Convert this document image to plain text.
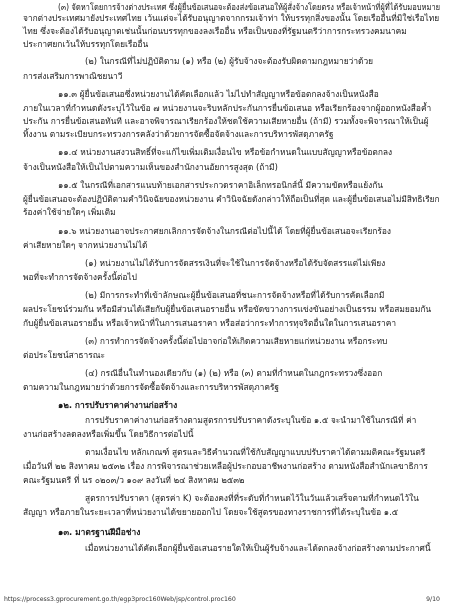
(๓) จัดหาโดยการจ้างต่างประเทศ ซึ่งผู้ยื่นข้อเสนอจะต้องส่งข้อเสนอให้ผู้สั่งจ้างโดยตรง หรือเจ้าหน้าที่ผู้ที่ได้รับมอบหมาย
จากต่างประเทศมายังประเทศไทย เว้นแต่จะได้รับอนุญาตจากกรมเจ้าท่า ให้บรรทุกสิ่งของนั้น โดยเรืออื่นที่มิใช่เรือไทย
ไทย ซึ่งจะต้องได้รับอนุญาตเช่นนั้นก่อนบรรทุกของลงเรืออื่น หรือเป็นของที่รัฐมนตรีว่าการกระทรวงคมนาคม
ประกาศยกเว้นให้บรรทุกโดยเรืออื่น
(๒) ในกรณีที่ไม่ปฏิบัติตาม (๑) หรือ (๒) ผู้รับจ้างจะต้องรับผิดตามกฎหมายว่าด้วย
การส่งเสริมการพาณิชยนาวี
๑๑.๓ ผู้ยื่นข้อเสนอซึ่งหน่วยงานได้คัดเลือกแล้ว ไม่ไปทำสัญญาหรือข้อตกลงจ้างเป็นหนังสือ
ภายในเวลาที่กำหนดดังระบุไว้ในข้อ ๗ หน่วยงานจะริบหลักประกันการยื่นข้อเสนอ หรือเรียกร้องจากผู้ออกหนังสือค้ำ
ประกัน การยื่นข้อเสนอทันที และอาจพิจารณาเรียกร้องให้ชดใช้ความเสียหายอื่น (ถ้ามี) รวมทั้งจะพิจารณาให้เป็นผู้
ทิ้งงาน ตามระเบียบกระทรวงการคลังว่าด้วยการจัดซื้อจัดจ้างและการบริหารพัสดุภาครัฐ
๑๑.๔ หน่วยงานสงวนสิทธิ์ที่จะแก้ไขเพิ่มเติมเงื่อนไข หรือข้อกำหนดในแบบสัญญาหรือข้อตกลง
จ้างเป็นหนังสือให้เป็นไปตามความเห็นของสำนักงานอัยการสูงสุด (ถ้ามี)
๑๑.๕ ในกรณีที่เอกสารแนบท้ายเอกสารประกวดราคาอิเล็กทรอนิกส์นี้ มีความขัดหรือแย้งกัน
ผู้ยื่นข้อเสนอจะต้องปฏิบัติตามคำวินิจฉัยของหน่วยงาน คำวินิจฉัยดังกล่าวให้ถือเป็นที่สุด และผู้ยื่นข้อเสนอไม่มีสิทธิเรียก
ร้องค่าใช้จ่ายใดๆ เพิ่มเติม
๑๑.๖ หน่วยงานอาจประกาศยกเลิกการจัดจ้างในกรณีต่อไปนี้ได้ โดยที่ผู้ยื่นข้อเสนอจะเรียกร้อง
ค่าเสียหายใดๆ จากหน่วยงานไม่ได้
(๑) หน่วยงานไม่ได้รับการจัดสรรเงินที่จะใช้ในการจัดจ้างหรือได้รับจัดสรรแต่ไม่เพียง
พอที่จะทำการจัดจ้างครั้งนี้ต่อไป
(๒) มีการกระทำที่เข้าลักษณะผู้ยื่นข้อเสนอที่ชนะการจัดจ้างหรือที่ได้รับการคัดเลือกมี
ผลประโยชน์ร่วมกัน หรือมีส่วนได้เสียกับผู้ยื่นข้อเสนอรายอื่น หรือขัดขวางการแข่งขันอย่างเป็นธรรม หรือสมยอมกัน
กับผู้ยื่นข้อเสนอรายอื่น หรือเจ้าหน้าที่ในการเสนอราคา หรือส่อว่ากระทำการทุจริตอื่นใดในการเสนอราคา
(๓) การทำการจัดจ้างครั้งนี้ต่อไปอาจก่อให้เกิดความเสียหายแก่หน่วยงาน หรือกระทบ
ต่อประโยชน์สาธารณะ
(๔) กรณีอื่นในทำนองเดียวกับ (๑) (๒) หรือ (๓) ตามที่กำหนดในกฎกระทรวงซึ่งออก
ตามความในกฎหมายว่าด้วยการจัดซื้อจัดจ้างและการบริหารพัสดุภาครัฐ
๑๒. การปรับราคาค่างานก่อสร้าง
การปรับราคาค่างานก่อสร้างตามสูตรการปรับราคาดังระบุในข้อ ๑.๕ จะนำมาใช้ในกรณีที่ ค่า
งานก่อสร้างลดลงหรือเพิ่มขึ้น โดยวิธีการต่อไปนี้
ตามเงื่อนไข หลักเกณฑ์ สูตรและวิธีคำนวณที่ใช้กับสัญญาแบบปรับราคาได้ตามมติคณะรัฐมนตรี
เมื่อวันที่ ๒๒ สิงหาคม ๒๕๓๒ เรื่อง การพิจารณาช่วยเหลือผู้ประกอบอาชีพงานก่อสร้าง ตามหนังสือสำนักเลขาธิการ
คณะรัฐมนตรี ที่ นร ๐๒๐๓/ว ๑๐๙ ลงวันที่ ๒๔ สิงหาคม ๒๕๓๒
สูตรการปรับราคา (สูตรค่า K) จะต้องคงที่ที่ระดับที่กำหนดไว้ในวันแล้วเสร็จตามที่กำหนดไว้ใน
สัญญา หรือภายในระยะเวลาที่หน่วยงานได้ขยายออกไป โดยจะใช้สูตรของทางราชการที่ได้ระบุในข้อ ๑.๕
๑๓. มาตรฐานฝีมือช่าง
เมื่อหน่วยงานได้คัดเลือกผู้ยื่นข้อเสนอรายใดให้เป็นผู้รับจ้างและได้ตกลงจ้างก่อสร้างตามประกาศนี้
https://process3.gprocurement.go.th/egp3proc160Web/jsp/control.proc160	9/10
